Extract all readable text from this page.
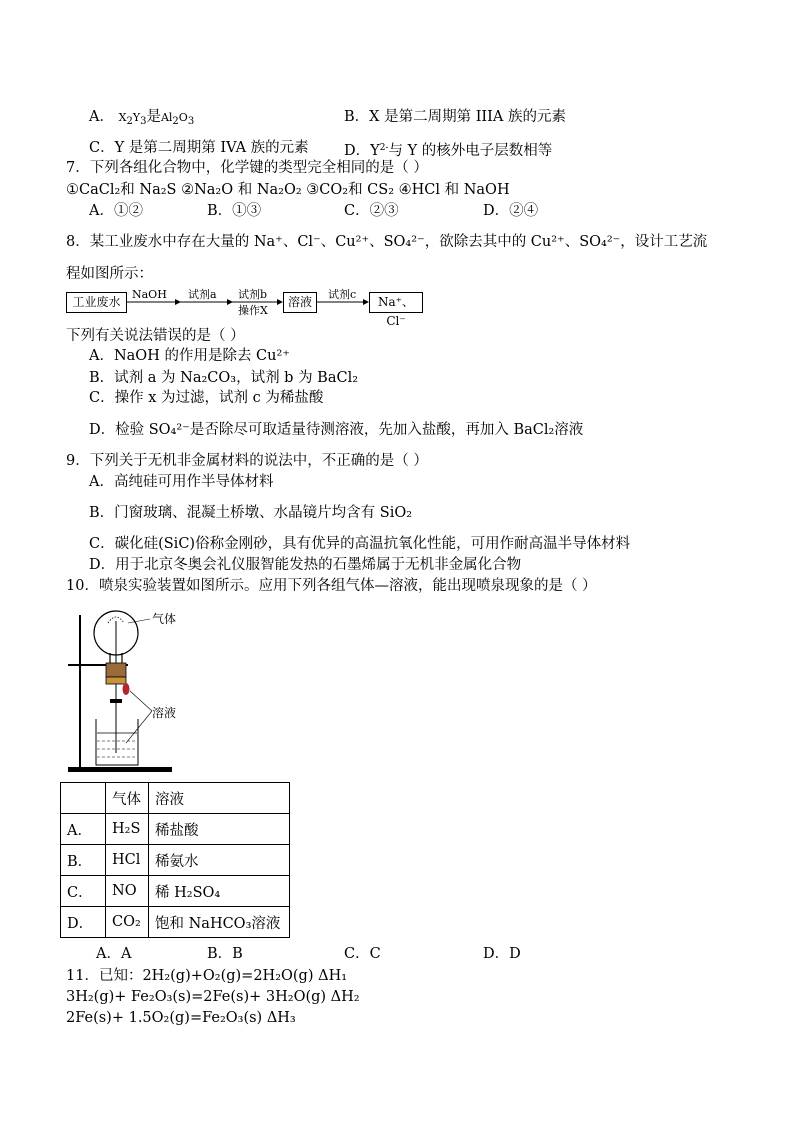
A． X2Y3是Al2O3	B．X 是第二周期第 IIIA 族的元素
C．Y 是第二周期第 IVA 族的元素 D．$Y^{2-}$与 Y 的核外电子层数相等
7．下列各组化合物中，化学键的类型完全相同的是（ ）
①CaCl₂和 Na₂S ②Na₂O 和 Na₂O₂ ③CO₂和 CS₂ ④HCl 和 NaOH
A．①②	B．①③	C．②③	D．②④
8．某工业废水中存在大量的 Na⁺、Cl⁻、Cu²⁺、SO₄²⁻，欲除去其中的 Cu²⁺、SO₄²⁻，设计工艺流
程如图所示：
工业废水
NaOH 试剂a 试剂b
操作X
溶液
试剂c
Na⁺、Cl⁻
下列有关说法错误的是（ ）
A．NaOH 的作用是除去 Cu²⁺
B．试剂 a 为 Na₂CO₃，试剂 b 为 BaCl₂
C．操作 x 为过滤，试剂 c 为稀盐酸
D．检验 SO₄²⁻是否除尽可取适量待测溶液，先加入盐酸，再加入 BaCl₂溶液
9．下列关于无机非金属材料的说法中，不正确的是（ ）
A．高纯硅可用作半导体材料
B．门窗玻璃、混凝土桥墩、水晶镜片均含有 SiO₂
C．碳化硅(SiC)俗称金刚砂，具有优异的高温抗氧化性能，可用作耐高温半导体材料
D．用于北京冬奥会礼仪服智能发热的石墨烯属于无机非金属化合物
10．喷泉实验装置如图所示。应用下列各组气体—溶液，能出现喷泉现象的是（ ）
气体
溶液
	气体	溶液
A．	H₂S	稀盐酸
B．	HCl	稀氨水
C．	NO	稀 H₂SO₄
D．	CO₂	饱和 NaHCO₃溶液
A．A	B．B	C．C	D．D
11．已知：2H₂(g)+O₂(g)=2H₂O(g) ΔH₁
3H₂(g)+ Fe₂O₃(s)=2Fe(s)+ 3H₂O(g) ΔH₂
2Fe(s)+ 1.5O₂(g)=Fe₂O₃(s) ΔH₃
